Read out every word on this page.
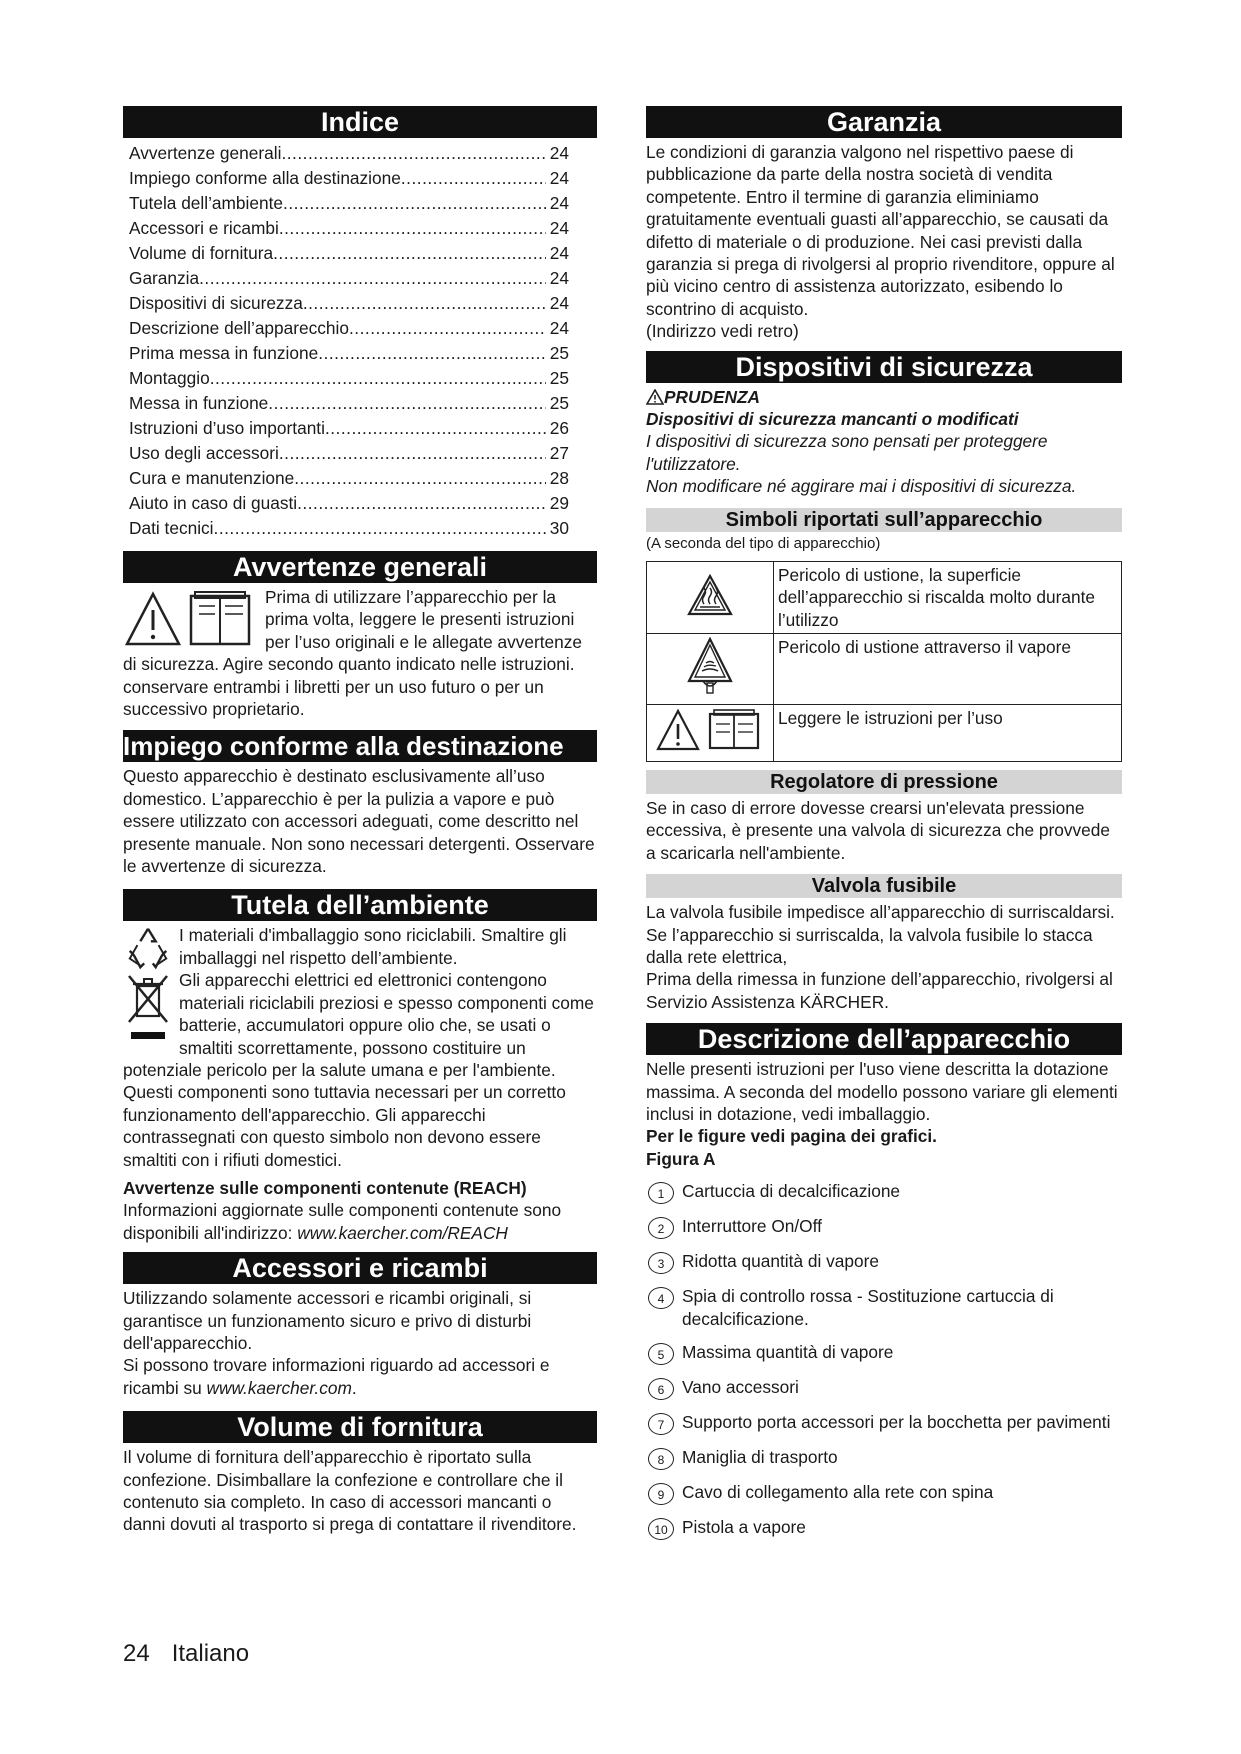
Indice
Avvertenze generali .....	24
Impiego conforme alla destinazione .....	24
Tutela dell’ambiente .....	24
Accessori e ricambi .....	24
Volume di fornitura .....	24
Garanzia .....	24
Dispositivi di sicurezza .....	24
Descrizione dell’apparecchio .....	24
Prima messa in funzione .....	25
Montaggio .....	25
Messa in funzione .....	25
Istruzioni d’uso importanti .....	26
Uso degli accessori .....	27
Cura e manutenzione .....	28
Aiuto in caso di guasti .....	29
Dati tecnici .....	30
Avvertenze generali

Prima di utilizzare l’apparecchio per la prima volta, leggere le presenti istruzioni per l’uso originali e le allegate avvertenze di sicurezza. Agire secondo quanto indicato nelle istruzioni.

conservare entrambi i libretti per un uso futuro o per un successivo proprietario.

Impiego conforme alla destinazione

Questo apparecchio è destinato esclusivamente all’uso domestico. L’apparecchio è per la pulizia a vapore e può essere utilizzato con accessori adeguati, come descritto nel presente manuale. Non sono necessari detergenti. Osservare le avvertenze di sicurezza.

Tutela dell’ambiente

I materiali d'imballaggio sono riciclabili. Smaltire gli imballaggi nel rispetto dell’ambiente.

Gli apparecchi elettrici ed elettronici contengono materiali riciclabili preziosi e spesso componenti come batterie, accumulatori oppure olio che, se usati o smaltiti scorrettamente, possono costituire un potenziale pericolo per la salute umana e per l'ambiente. Questi componenti sono tuttavia necessari per un corretto funzionamento dell'apparecchio. Gli apparecchi contrassegnati con questo simbolo non devono essere smaltiti con i rifiuti domestici.

Avvertenze sulle componenti contenute (REACH)

Informazioni aggiornate sulle componenti contenute sono disponibili all'indirizzo: www.kaercher.com/REACH

Accessori e ricambi

Utilizzando solamente accessori e ricambi originali, si garantisce un funzionamento sicuro e privo di disturbi dell'apparecchio.

Si possono trovare informazioni riguardo ad accessori e ricambi su www.kaercher.com.

Volume di fornitura

Il volume di fornitura dell’apparecchio è riportato sulla confezione. Disimballare la confezione e controllare che il contenuto sia completo. In caso di accessori mancanti o danni dovuti al trasporto si prega di contattare il rivenditore.

Garanzia

Le condizioni di garanzia valgono nel rispettivo paese di pubblicazione da parte della nostra società di vendita competente. Entro il termine di garanzia eliminiamo gratuitamente eventuali guasti all’apparecchio, se causati da difetto di materiale o di produzione. Nei casi previsti dalla garanzia si prega di rivolgersi al proprio rivenditore, oppure al più vicino centro di assistenza autorizzato, esibendo lo scontrino di acquisto.

(Indirizzo vedi retro)

Dispositivi di sicurezza

PRUDENZA

Dispositivi di sicurezza mancanti o modificati

I dispositivi di sicurezza sono pensati per proteggere l'utilizzatore.

Non modificare né aggirare mai i dispositivi di sicurezza.

Simboli riportati sull’apparecchio

(A seconda del tipo di apparecchio)

	Pericolo di ustione, la superficie dell’apparecchio si riscalda molto durante l’utilizzo
	Pericolo di ustione attraverso il vapore
	Leggere le istruzioni per l’uso
Regolatore di pressione

Se in caso di errore dovesse crearsi un'elevata pressione eccessiva, è presente una valvola di sicurezza che provvede a scaricarla nell'ambiente.

Valvola fusibile

La valvola fusibile impedisce all’apparecchio di surriscaldarsi. Se l’apparecchio si surriscalda, la valvola fusibile lo stacca dalla rete elettrica,

Prima della rimessa in funzione dell’apparecchio, rivolgersi al Servizio Assistenza KÄRCHER.

Descrizione dell’apparecchio

Nelle presenti istruzioni per l'uso viene descritta la dotazione massima. A seconda del modello possono variare gli elementi inclusi in dotazione, vedi imballaggio.

Per le figure vedi pagina dei grafici.

Figura A

1	Cartuccia di decalcificazione
2	Interruttore On/Off
3	Ridotta quantità di vapore
4	Spia di controllo rossa - Sostituzione cartuccia di decalcificazione.
5	Massima quantità di vapore
6	Vano accessori
7	Supporto porta accessori per la bocchetta per pavimenti
8	Maniglia di trasporto
9	Cavo di collegamento alla rete con spina
10 Pistola a vapore
24 Italiano
